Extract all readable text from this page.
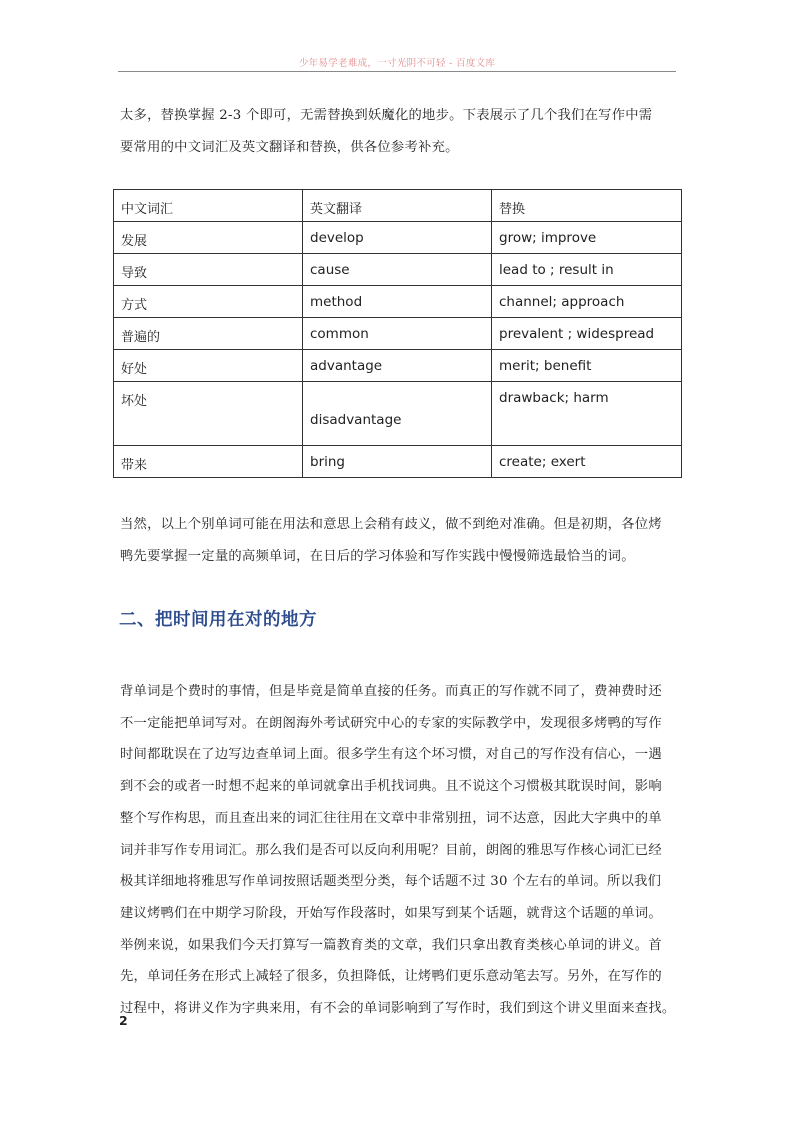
少年易学老难成，一寸光阴不可轻 - 百度文库

太多，替换掌握 2-3 个即可，无需替换到妖魔化的地步。下表展示了几个我们在写作中需
要常用的中文词汇及英文翻译和替换，供各位参考补充。

中文词汇	英文翻译	替换

发展	develop	grow; improve

导致	cause	lead to ; result in

方式	method	channel; approach

普遍的	common	prevalent ; widespread

好处	advantage	merit; benefit

坏处	disadvantage	drawback; harm

带来	bring	create; exert

当然，以上个别单词可能在用法和意思上会稍有歧义，做不到绝对准确。但是初期，各位烤
鸭先要掌握一定量的高频单词，在日后的学习体验和写作实践中慢慢筛选最恰当的词。

二、把时间用在对的地方

背单词是个费时的事情，但是毕竟是简单直接的任务。而真正的写作就不同了，费神费时还
不一定能把单词写对。在朗阁海外考试研究中心的专家的实际教学中，发现很多烤鸭的写作
时间都耽误在了边写边查单词上面。很多学生有这个坏习惯，对自己的写作没有信心，一遇
到不会的或者一时想不起来的单词就拿出手机找词典。且不说这个习惯极其耽误时间，影响
整个写作构思，而且查出来的词汇往往用在文章中非常别扭，词不达意，因此大字典中的单
词并非写作专用词汇。那么我们是否可以反向利用呢？目前，朗阁的雅思写作核心词汇已经
极其详细地将雅思写作单词按照话题类型分类，每个话题不过 30 个左右的单词。所以我们
建议烤鸭们在中期学习阶段，开始写作段落时，如果写到某个话题，就背这个话题的单词。
举例来说，如果我们今天打算写一篇教育类的文章，我们只拿出教育类核心单词的讲义。首
先，单词任务在形式上减轻了很多，负担降低，让烤鸭们更乐意动笔去写。另外，在写作的
过程中，将讲义作为字典来用，有不会的单词影响到了写作时，我们到这个讲义里面来查找。

2
